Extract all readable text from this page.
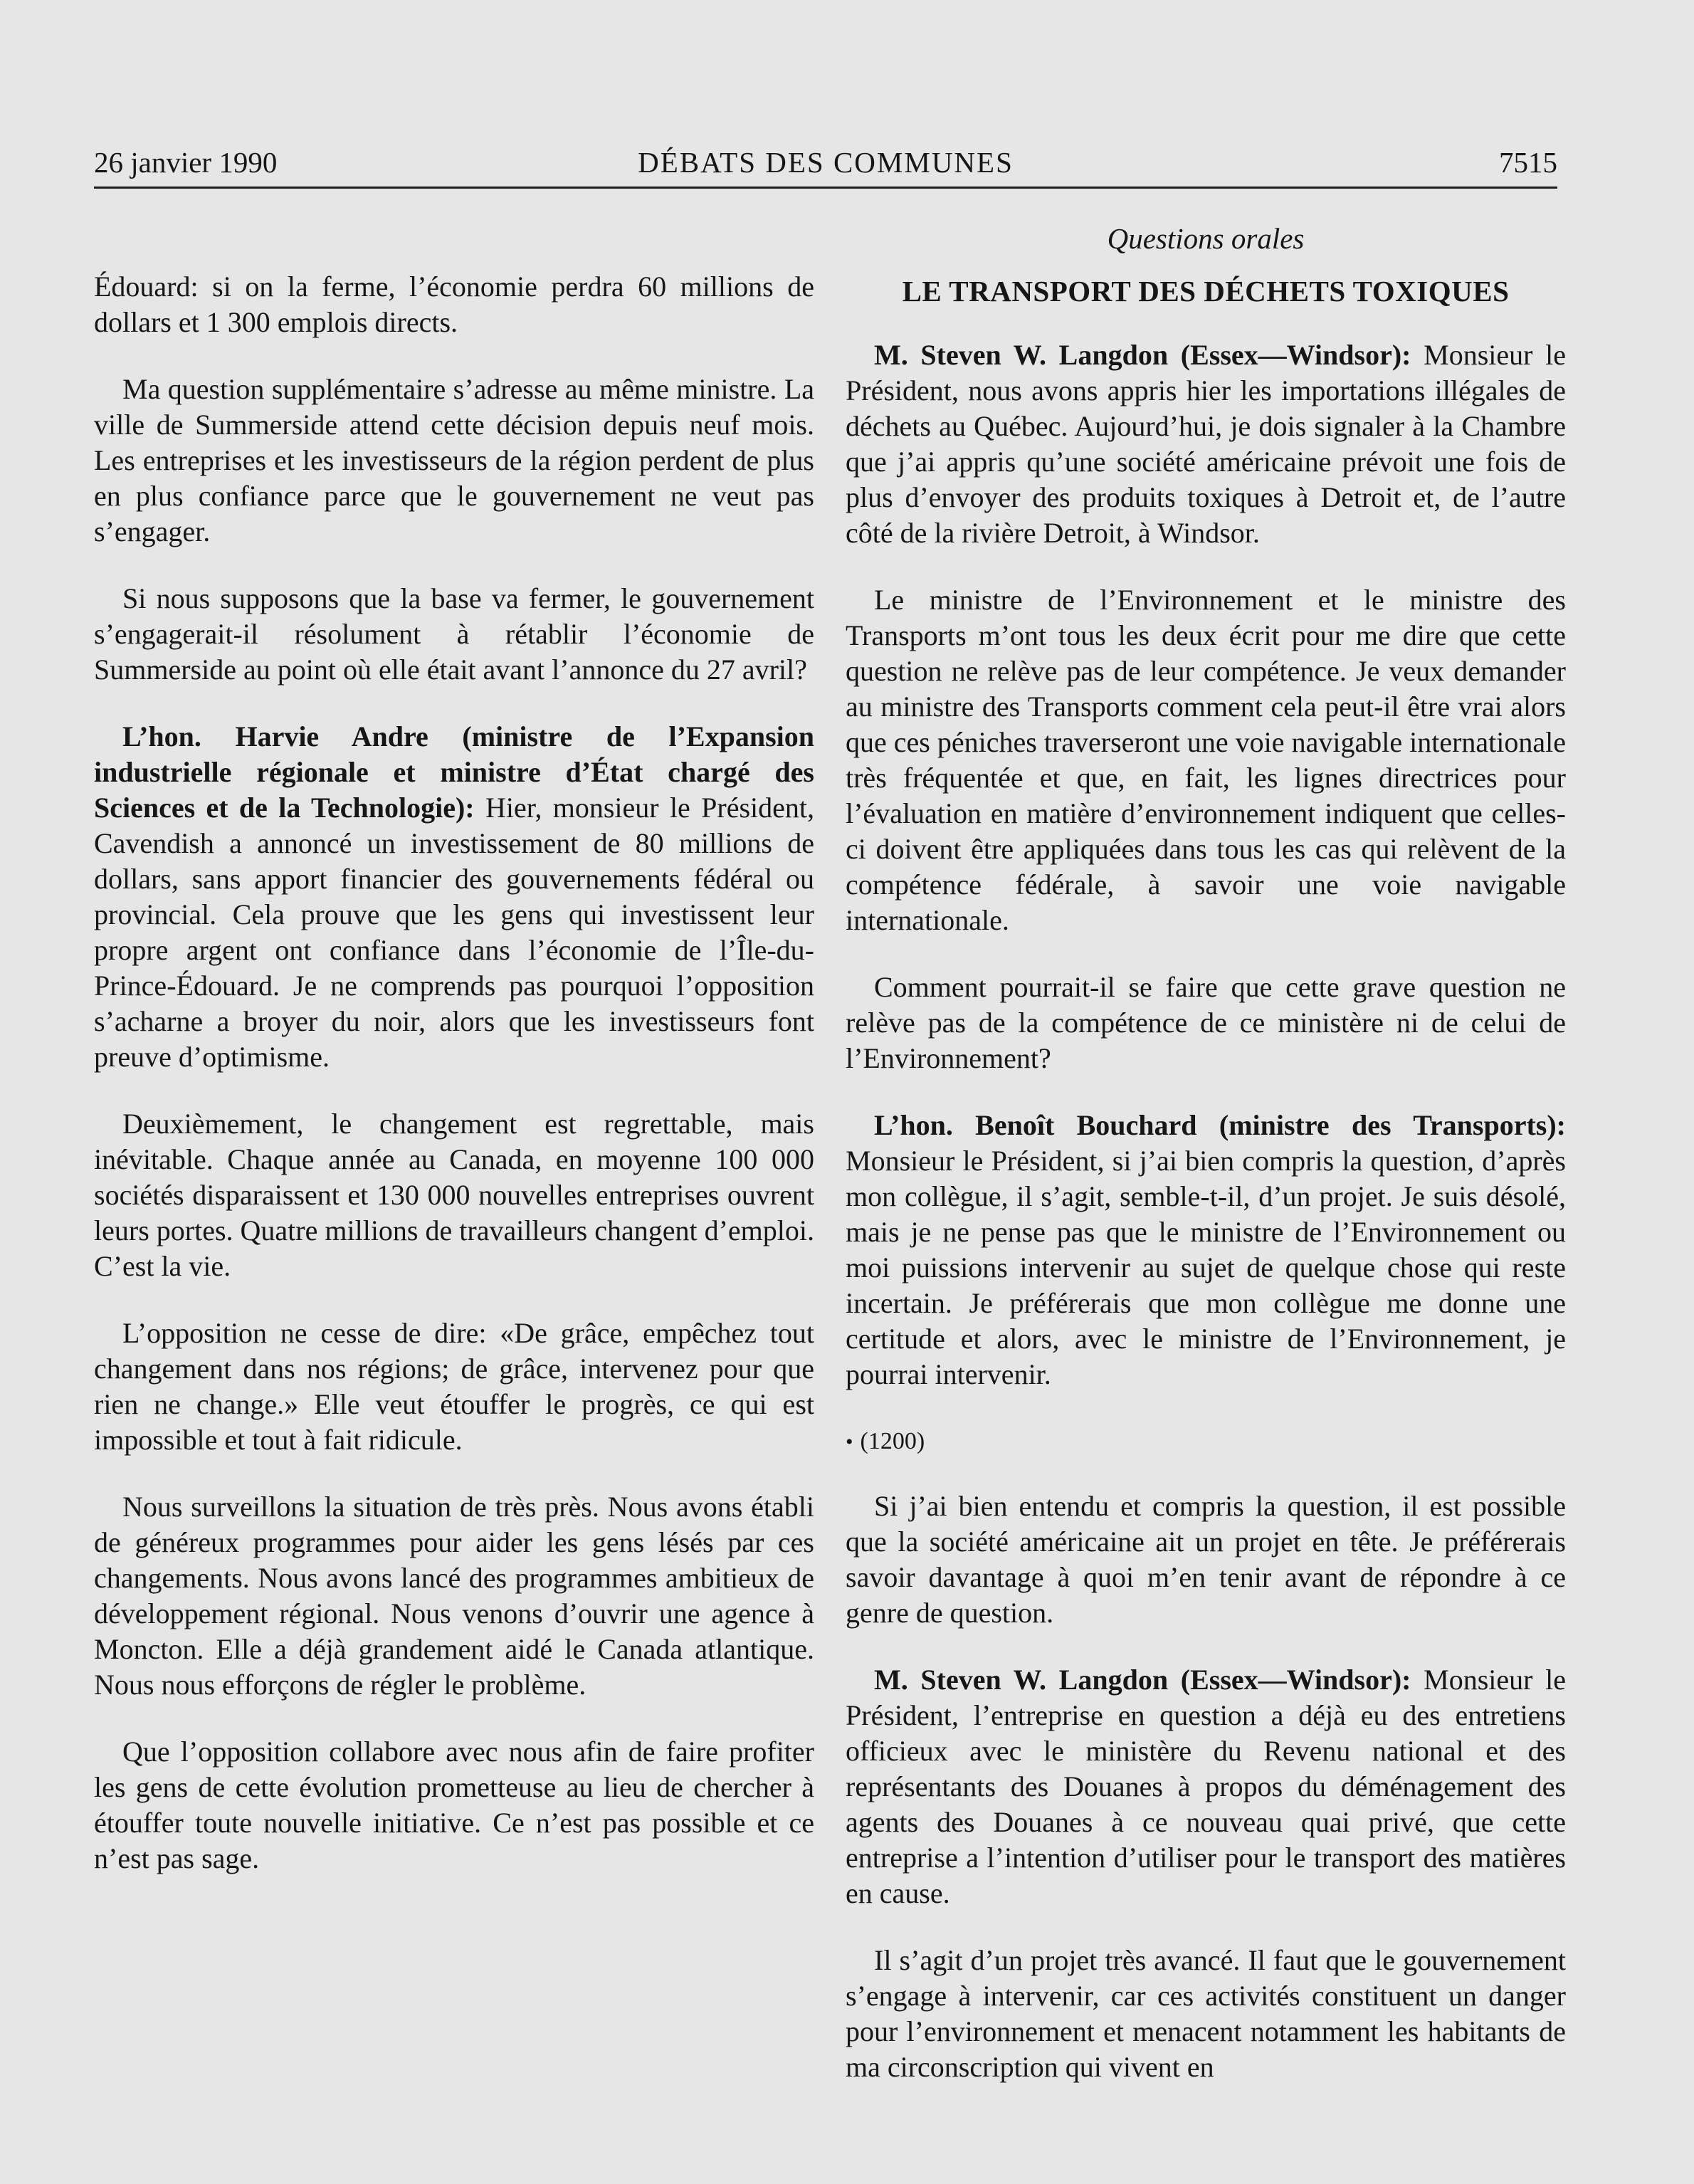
26 janvier 1990	DÉBATS DES COMMUNES	7515

Édouard: si on la ferme, l’économie perdra 60 millions de dollars et 1 300 emplois directs.

Ma question supplémentaire s’adresse au même ministre. La ville de Summerside attend cette décision depuis neuf mois. Les entreprises et les investisseurs de la région perdent de plus en plus confiance parce que le gouvernement ne veut pas s’engager.

Si nous supposons que la base va fermer, le gouvernement s’engagerait-il résolument à rétablir l’économie de Summerside au point où elle était avant l’annonce du 27 avril?

L’hon. Harvie Andre (ministre de l’Expansion industrielle régionale et ministre d’État chargé des Sciences et de la Technologie): Hier, monsieur le Président, Cavendish a annoncé un investissement de 80 millions de dollars, sans apport financier des gouvernements fédéral ou provincial. Cela prouve que les gens qui investissent leur propre argent ont confiance dans l’économie de l’Île-du-Prince-Édouard. Je ne comprends pas pourquoi l’opposition s’acharne a broyer du noir, alors que les investisseurs font preuve d’optimisme.

Deuxièmement, le changement est regrettable, mais inévitable. Chaque année au Canada, en moyenne 100 000 sociétés disparaissent et 130 000 nouvelles entreprises ouvrent leurs portes. Quatre millions de travailleurs changent d’emploi. C’est la vie.

L’opposition ne cesse de dire: «De grâce, empêchez tout changement dans nos régions; de grâce, intervenez pour que rien ne change.» Elle veut étouffer le progrès, ce qui est impossible et tout à fait ridicule.

Nous surveillons la situation de très près. Nous avons établi de généreux programmes pour aider les gens lésés par ces changements. Nous avons lancé des programmes ambitieux de développement régional. Nous venons d’ouvrir une agence à Moncton. Elle a déjà grandement aidé le Canada atlantique. Nous nous efforçons de régler le problème.

Que l’opposition collabore avec nous afin de faire profiter les gens de cette évolution prometteuse au lieu de chercher à étouffer toute nouvelle initiative. Ce n’est pas possible et ce n’est pas sage.

Questions orales
LE TRANSPORT DES DÉCHETS TOXIQUES

M. Steven W. Langdon (Essex—Windsor): Monsieur le Président, nous avons appris hier les importations illégales de déchets au Québec. Aujourd’hui, je dois signaler à la Chambre que j’ai appris qu’une société américaine prévoit une fois de plus d’envoyer des produits toxiques à Detroit et, de l’autre côté de la rivière Detroit, à Windsor.

Le ministre de l’Environnement et le ministre des Transports m’ont tous les deux écrit pour me dire que cette question ne relève pas de leur compétence. Je veux demander au ministre des Transports comment cela peut-il être vrai alors que ces péniches traverseront une voie navigable internationale très fréquentée et que, en fait, les lignes directrices pour l’évaluation en matière d’environnement indiquent que celles-ci doivent être appliquées dans tous les cas qui relèvent de la compétence fédérale, à savoir une voie navigable internationale.

Comment pourrait-il se faire que cette grave question ne relève pas de la compétence de ce ministère ni de celui de l’Environnement?

L’hon. Benoît Bouchard (ministre des Transports): Monsieur le Président, si j’ai bien compris la question, d’après mon collègue, il s’agit, semble-t-il, d’un projet. Je suis désolé, mais je ne pense pas que le ministre de l’Environnement ou moi puissions intervenir au sujet de quelque chose qui reste incertain. Je préférerais que mon collègue me donne une certitude et alors, avec le ministre de l’Environnement, je pourrai intervenir.

• (1200)

Si j’ai bien entendu et compris la question, il est possible que la société américaine ait un projet en tête. Je préférerais savoir davantage à quoi m’en tenir avant de répondre à ce genre de question.

M. Steven W. Langdon (Essex—Windsor): Monsieur le Président, l’entreprise en question a déjà eu des entretiens officieux avec le ministère du Revenu national et des représentants des Douanes à propos du déménagement des agents des Douanes à ce nouveau quai privé, que cette entreprise a l’intention d’utiliser pour le transport des matières en cause.

Il s’agit d’un projet très avancé. Il faut que le gouvernement s’engage à intervenir, car ces activités constituent un danger pour l’environnement et menacent notamment les habitants de ma circonscription qui vivent en
